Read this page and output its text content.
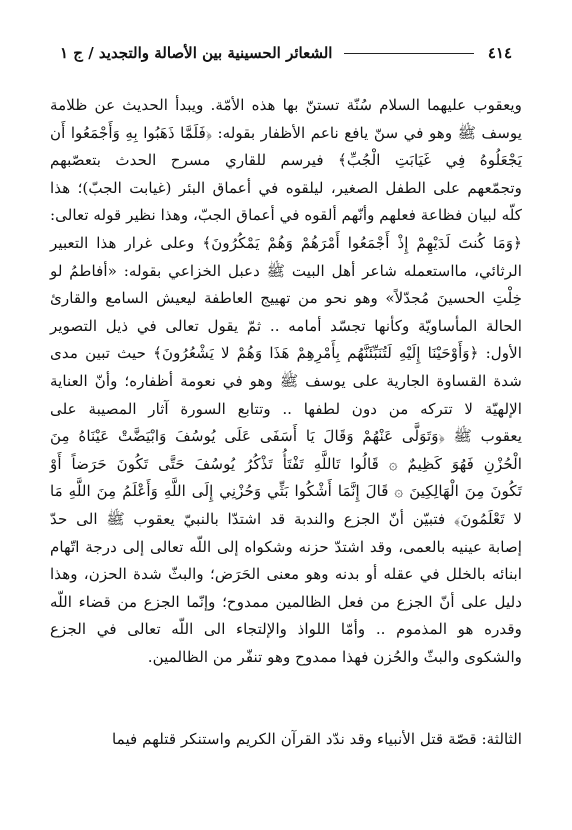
٤١٤
الشعائر الحسينية بين الأصالة والتجديد / ج ١

ويعقوب عليهما السلام سُنّة تستنّ بها هذه الأمّة. ويبدأ الحديث عن ظلامة

يوسف ﷺ وهو في سنّ يافع ناعم الأظفار بقوله: ﴿فَلَمَّا ذَهَبُوا بِهِ وَأَجْمَعُوا أَن

يَجْعَلُوهُ فِي غَيَابَتِ الْجُبِّ﴾ فيرسم للقاري مسرح الحدث بتعصّبهم

وتجمّعهم على الطفل الصغير، ليلقوه في أعماق البئر (غيابت الجبّ)؛ هذا

كلّه لبيان فظاعة فعلهم وأنّهم ألقوه في أعماق الجبّ، وهذا نظير قوله تعالى:

﴿وَمَا كُنتَ لَدَيْهِمْ إِذْ أَجْمَعُوا أَمْرَهُمْ وَهُمْ يَمْكُرُونَ﴾ وعلى غرار هذا التعبير

الرثائي، مااستعمله شاعر أهل البيت ﷺ دعبل الخزاعي بقوله: «أفاطمُ لو

خِلْتِ الحسينَ مُجدّلاً» وهو نحو من تهييج العاطفة ليعيش السامع والقارئ

الحالة المأساويّة وكأنها تجسّد أمامه .. ثمّ يقول تعالى في ذيل التصوير

الأول: ﴿وَأَوْحَيْنَا إِلَيْهِ لَتُنَبِّئَنَّهُم بِأَمْرِهِمْ هَذَا وَهُمْ لا يَشْعُرُونَ﴾ حيث تبين مدى

شدة القساوة الجارية على يوسف ﷺ وهو في نعومة أظفاره؛ وأنّ العناية

الإلهيّة لا تتركه من دون لطفها .. وتتابع السورة آثار المصيبة على

يعقوب ﷺ ﴿وَتَوَلَّى عَنْهُمْ وَقَالَ يَا أَسَفَى عَلَى يُوسُفَ وَابْيَضَّتْ عَيْنَاهُ مِنَ

الْحُزْنِ فَهُوَ كَظِيمٌ ۞ قَالُوا تَاللَّهِ تَفْتَأُ تَذْكُرُ يُوسُفَ حَتَّى تَكُونَ حَرَضاً أَوْ

تَكُونَ مِنَ الْهَالِكِينَ ۞ قَالَ إِنَّمَا أَشْكُوا بَثِّي وَحُزْنِي إِلَى اللَّهِ وَأَعْلَمُ مِنَ اللَّهِ مَا

لا تَعْلَمُونَ﴾ فتبيّن أنّ الجزع والندبة قد اشتدّا بالنبيّ يعقوب ﷺ الى حدّ

إصابة عينيه بالعمى، وقد اشتدّ حزنه وشكواه إلى اللّه تعالى إلى درجة اتّهام

ابنائه بالخلل في عقله أو بدنه وهو معنى الحَرَض؛ والبثّ شدة الحزن، وهذا

دليل على أنّ الجزع من فعل الظالمين ممدوح؛ وإنّما الجزع من قضاء اللّه

وقدره هو المذموم .. وأمّا اللواذ والإلتجاء الى اللّه تعالى في الجزع

والشكوى والبثّ والحُزن فهذا ممدوح وهو تنفّر من الظالمين.

الثالثة: قصّة قتل الأنبياء وقد ندّد القرآن الكريم واستنكر قتلهم فيما
